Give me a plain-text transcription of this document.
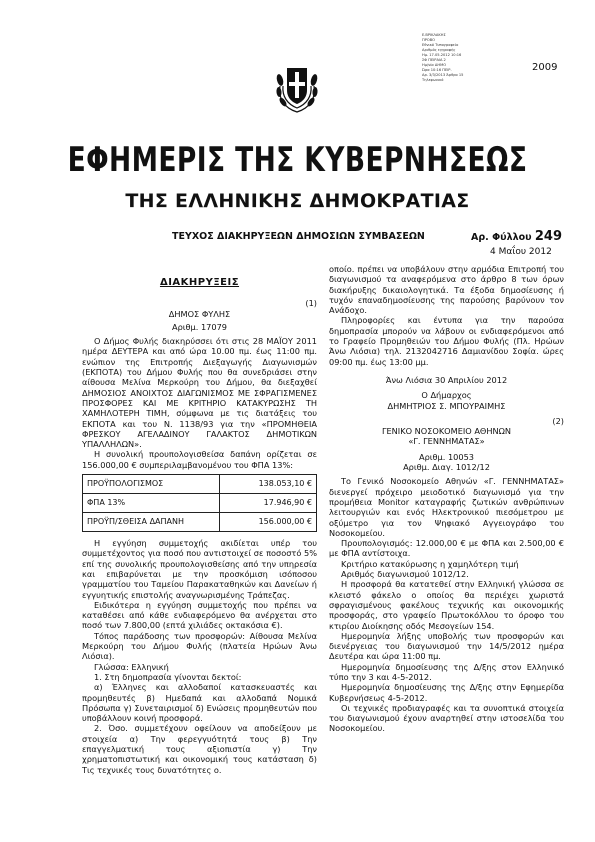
Ε.ΒΡΙΚΛΑΚΗΣ
ΠΡΟΒΟ
Εθνικό Τυπογραφείο
Αριθμός εγγραφής
Ημ. 17.05.2012 10:16
ΣΦ ΠΕΙΡΑΙΑ 2
Ημ/νία ΔΗΜΟ
Ώρα 10:16 ΠΕΙΡ.
Αρ. 3/3/2013 Άρθρο 15
Τηλεφωνικό
2009
ΕΦΗΜΕΡΙΣ ΤΗΣ ΚΥΒΕΡΝΗΣΕΩΣ
ΤΗΣ ΕΛΛΗΝΙΚΗΣ ΔΗΜΟΚΡΑΤΙΑΣ
ΤΕΥΧΟΣ ΔΙΑΚΗΡΥΞΕΩΝ ΔΗΜΟΣΙΩΝ ΣΥΜΒΑΣΕΩΝ	Αρ. Φύλλου 249
4 Μαΐου 2012
ΔΙΑΚΗΡΥΞΕΙΣ
(1)
ΔΗΜΟΣ ΦΥΛΗΣ
Αριθμ. 17079
Ο Δήμος Φυλής διακηρύσσει ότι στις 28 ΜΑΪΟΥ 2011 ημέρα ΔΕΥΤΕΡΑ και από ώρα 10.00 πμ. έως 11:00 πμ. ενώπιον της Επιτροπής Διεξαγωγής Διαγωνισμών (ΕΚΠΟΤΑ) του Δήμου Φυλής που θα συνεδριάσει στην αίθουσα Μελίνα Μερκούρη του Δήμου, θα διεξαχθεί ΔΗΜΟΣΙΟΣ ΑΝΟΙΧΤΟΣ ΔΙΑΓΩΝΙΣΜΟΣ ΜΕ ΣΦΡΑΓΙΣΜΕΝΕΣ ΠΡΟΣΦΟΡΕΣ ΚΑΙ ΜΕ ΚΡΙΤΗΡΙΟ ΚΑΤΑΚΥΡΩΣΗΣ ΤΗ ΧΑΜΗΛΟΤΕΡΗ ΤΙΜΗ, σύμφωνα με τις διατάξεις του ΕΚΠΟΤΑ και του Ν. 1138/93 για την «ΠΡΟΜΗΘΕΙΑ ΦΡΕΣΚΟΥ ΑΓΕΛΑΔΙΝΟΥ ΓΑΛΑΚΤΟΣ ΔΗΜΟΤΙΚΩΝ ΥΠΑΛΛΗΛΩΝ».
Η συνολική προυπολογισθείσα δαπάνη ορίζεται σε 156.000,00 € συμπεριλαμβανομένου του ΦΠΑ 13%:
ΠΡΟΫΠΟΛΟΓΙΣΜΟΣ	138.053,10 €
ΦΠΑ 13%	17.946,90 €
ΠΡΟΫΠ/ΣΘΕΙΣΑ ΔΑΠΑΝΗ	156.000,00 €
Η εγγύηση συμμετοχής ακιδίεται υπέρ του συμμετέχοντος για ποσό που αντιστοιχεί σε ποσοστό 5% επί της συνολικής προυπολογισθείσης από την υπηρεσία και επιβαρύνεται με την προσκόμιση ισόποσου γραμματίου του Ταμείου Παρακαταθηκών και Δανείων ή εγγυητικής επιστολής αναγνωρισμένης Τράπεζας.
Ειδικότερα η εγγύηση συμμετοχής που πρέπει να καταθέσει από κάθε ενδιαφερόμενο θα ανέρχεται στο ποσό των 7.800,00 (επτά χιλιάδες οκτακόσια €).
Τόπος παράδοσης των προσφορών: Αίθουσα Μελίνα Μερκούρη του Δήμου Φυλής (πλατεία Ηρώων Άνω Λιόσια).
Γλώσσα: Ελληνική
1. Στη δημοπρασία γίνονται δεκτοί:
α) Έλληνες και αλλοδαποί κατασκευαστές και προμηθευτές β) Ημεδαπά και αλλοδαπά Νομικά Πρόσωπα γ) Συνεταιρισμοί δ) Ενώσεις προμηθευτών που υποβάλλουν κοινή προσφορά.
2. Όσο. συμμετέχουν οφείλουν να αποδείξουν με στοιχεία α) Την φερεγγυότητά τους β) Την επαγγελματική τους αξιοπιστία γ) Την χρηματοπιστωτική και οικονομική τους κατάσταση δ) Τις τεχνικές τους δυνατότητες ο.
οποίο. πρέπει να υποβάλουν στην αρμόδια Επιτροπή του διαγωνισμού τα αναφερόμενα στο άρθρο 8 των όρων διακήρυξης δικαιολογητικά. Τα έξοδα δημοσίευσης ή τυχόν επαναδημοσίευσης της παρούσης βαρύνουν τον Ανάδοχο.
Πληροφορίες και έντυπα για την παρούσα δημοπρασία μπορούν να λάβουν οι ενδιαφερόμενοι από το Γραφείο Προμηθειών του Δήμου Φυλής (Πλ. Ηρώων Άνω Λιόσια) τηλ. 2132042716 Δαμιανίδου Σοφία. ώρες 09:00 πμ. έως 13:00 μμ.
Άνω Λιόσια 30 Απριλίου 2012
Ο Δήμαρχος
ΔΗΜΗΤΡΙΟΣ Σ. ΜΠΟΥΡΑΙΜΗΣ
(2)
ΓΕΝΙΚΟ ΝΟΣΟΚΟΜΕΙΟ ΑΘΗΝΩΝ
«Γ. ΓΕΝΝΗΜΑΤΑΣ»
Αριθμ. 10053
Αριθμ. Διαγ. 1012/12
Το Γενικό Νοσοκομείο Αθηνών «Γ. ΓΕΝΝΗΜΑΤΑΣ» διενεργεί πρόχειρο μειοδοτικό διαγωνισμό για την προμήθεια Monitor καταγραφής ζωτικών ανθρώπινων λειτουργιών και ενός Ηλεκτρονικού πιεσόμετρου με οξύμετρο για τον Ψηφιακό Αγγειογράφο του Νοσοκομείου.
Προυπολογισμός: 12.000,00 € με ΦΠΑ και 2.500,00 € με ΦΠΑ αντίστοιχα.
Κριτήριο κατακύρωσης η χαμηλότερη τιμή
Αριθμός διαγωνισμού 1012/12.
Η προσφορά θα κατατεθεί στην Ελληνική γλώσσα σε κλειστό φάκελο ο οποίος θα περιέχει χωριστά σφραγισμένους φακέλους τεχνικής και οικονομικής προσφοράς, στο γραφείο Πρωτοκόλλου το όροφο του κτιρίου Διοίκησης οδός Μεσογείων 154.
Ημερομηνία λήξης υποβολής των προσφορών και διενέργειας του διαγωνισμού την 14/5/2012 ημέρα Δευτέρα και ώρα 11:00 πμ.
Ημερομηνία δημοσίευσης της Δ/ξης στον Ελληνικό τύπο την 3 και 4-5-2012.
Ημερομηνία δημοσίευσης της Δ/ξης στην Εφημερίδα Κυβερνήσεως 4-5-2012.
Οι τεχνικές προδιαγραφές και τα συνοπτικά στοιχεία του διαγωνισμού έχουν αναρτηθεί στην ιστοσελίδα του Νοσοκομείου.
